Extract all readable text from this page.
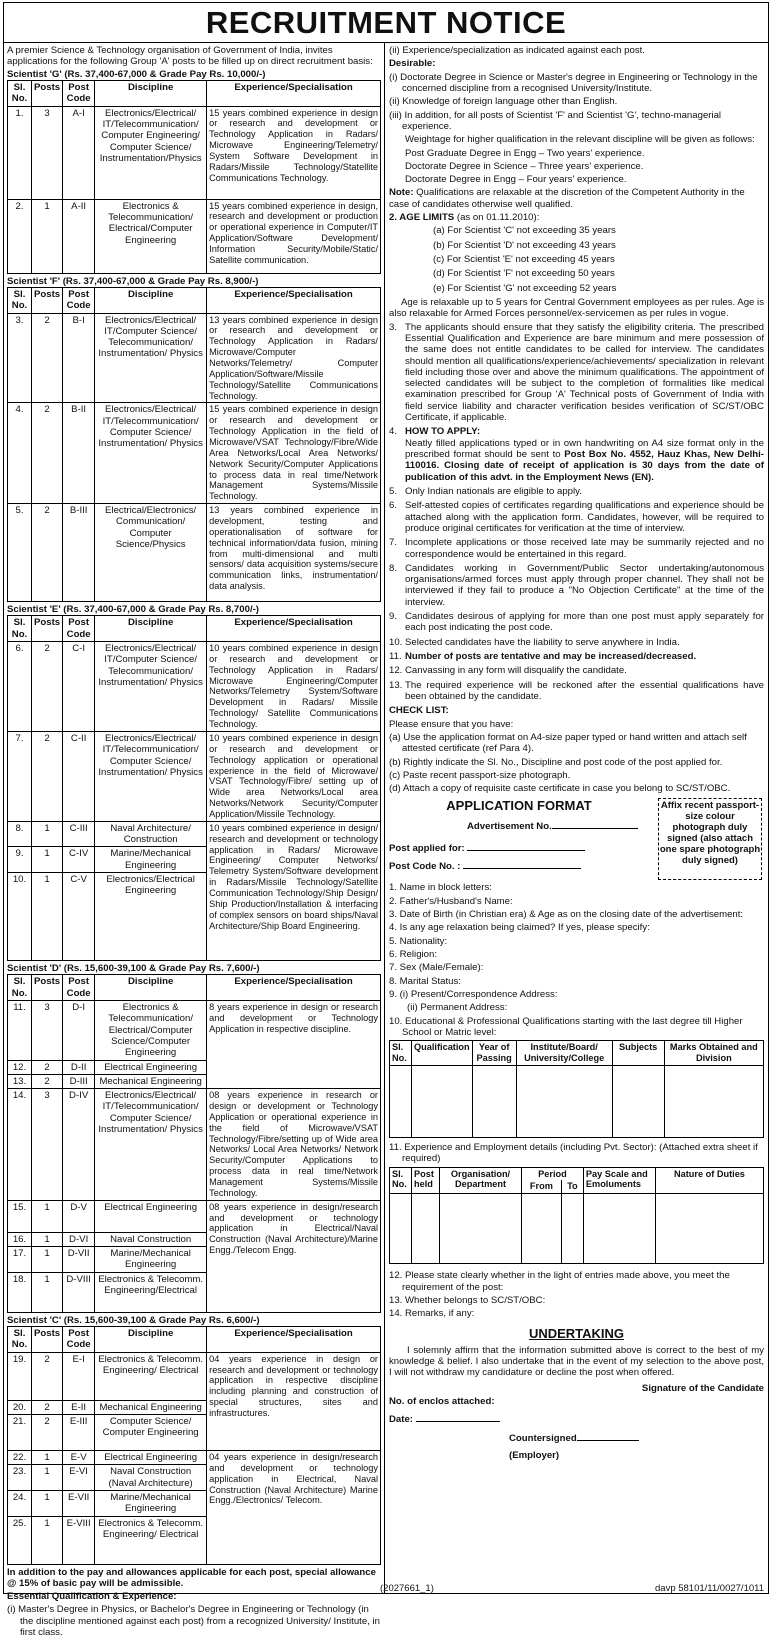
RECRUITMENT NOTICE
A premier Science & Technology organisation of Government of India, invites applications for the following Group 'A' posts to be filled up on direct recruitment basis:
Scientist 'G' (Rs. 37,400-67,000 & Grade Pay Rs. 10,000/-)
Sl. No.	Posts	Post Code	Discipline	Experience/Specialisation
1.	3	A-I	Electronics/Electrical/ IT/Telecommunication/ Computer Engineering/ Computer Science/ Instrumentation/Physics	15 years combined experience in design or research and development or Technology Application in Radars/ Microwave Engineering/Telemetry/ System Software Development in Radars/Missile Technology/Statellite Communications Technology.
2.	1	A-II	Electronics & Telecommunication/ Electrical/Computer Engineering	15 years combined experience in design, research and development or production or operational experience in Computer/IT Application/Software Development/ Information Security/Mobile/Static/ Satellite communication.
Scientist 'F' (Rs. 37,400-67,000 & Grade Pay Rs. 8,900/-)
Sl. No.	Posts	Post Code	Discipline	Experience/Specialisation
3.	2	B-I	Electronics/Electrical/ IT/Computer Science/ Telecommunication/ Instrumentation/ Physics	13 years combined experience in design or research and development or Technology Application in Radars/ Microwave/Computer Networks/Telemetry/ Computer Application/Software/Missile Technology/Satellite Communications Technology.
4.	2	B-II	Electronics/Electrical/ IT/Telecommunication/ Computer Science/ Instrumentation/ Physics	15 years combined experience in design or research and development or Technology Application in the field of Microwave/VSAT Technology/Fibre/Wide Area Networks/Local Area Networks/ Network Security/Computer Applications to process data in real time/Network Management Systems/Missile Technology.
5.	2	B-III	Electrical/Electronics/ Communication/ Computer Science/Physics	13 years combined experience in development, testing and operationalisation of software for technical information/data fusion, mining from multi-dimensional and multi sensors/ data acquisition systems/secure communication links, instrumentation/ data analysis.
Scientist 'E' (Rs. 37,400-67,000 & Grade Pay Rs. 8,700/-)
Sl. No.	Posts	Post Code	Discipline	Experience/Specialisation
6.	2	C-I	Electronics/Electrical/ IT/Computer Science/ Telecommunication/ Instrumentation/ Physics	10 years combined experience in design or research and development or Technology Application in Radars/ Microwave Engineering/Computer Networks/Telemetry System/Software Development in Radars/ Missile Technology/ Satellite Communications Technology.
7.	2	C-II	Electronics/Electrical/ IT/Telecommunication/ Computer Science/ Instrumentation/ Physics	10 years combined experience in design or research and development or Technology application or operational experience in the field of Microwave/ VSAT Technology/Fibre/ setting up of Wide area Networks/Local area Networks/Network Security/Computer Application/Missile Technology.
8.	1	C-III	Naval Architecture/ Construction	10 years combined experience in design/ research and development or technology application in Radars/ Microwave Engineering/ Computer Networks/ Telemetry System/Software development in Radars/Missile Technology/Satellite Communication Technology/Ship Design/ Ship Production/Installation & interfacing of complex sensors on board ships/Naval Architecture/Ship Board Engineering.
9.	1	C-IV	Marine/Mechanical Engineering	
10.	1	C-V	Electronics/Electrical Engineering	
Scientist 'D' (Rs. 15,600-39,100 & Grade Pay Rs. 7,600/-)
Sl. No.	Posts	Post Code	Discipline	Experience/Specialisation
11.	3	D-I	Electronics & Telecommunication/ Electrical/Computer Science/Computer Engineering	8 years experience in design or research and development or Technology Application in respective discipline.
12.	2	D-II	Electrical Engineering	
13.	2	D-III	Mechanical Engineering	
14.	3	D-IV	Electronics/Electrical/ IT/Telecommunication/ Computer Science/ Instrumentation/ Physics	08 years experience in research or design or development or Technology Application or operational experience in the field of Microwave/VSAT Technology/Fibre/setting up of Wide area Networks/ Local Area Networks/ Network Security/Computer Applications to process data in real time/Network Management Systems/Missile Technology.
15.	1	D-V	Electrical Engineering	08 years experience in design/research and development or technology application in Electrical/Naval Construction (Naval Architecture)/Marine Engg./Telecom Engg.
16.	1	D-VI	Naval Construction	
17.	1	D-VII	Marine/Mechanical Engineering	
18.	1	D-VIII	Electronics & Telecomm. Engineering/Electrical	
Scientist 'C' (Rs. 15,600-39,100 & Grade Pay Rs. 6,600/-)
Sl. No.	Posts	Post Code	Discipline	Experience/Specialisation
19.	2	E-I	Electronics & Telecomm. Engineering/ Electrical	04 years experience in design or research and development or technology application in respective discipline including planning and construction of special structures, sites and infrastructures.
20.	2	E-II	Mechanical Engineering	
21.	2	E-III	Computer Science/ Computer Engineering	
22.	1	E-V	Electrical Engineering	04 years experience in design/research and development or technology application in Electrical, Naval Construction (Naval Architecture) Marine Engg./Electronics/ Telecom.
23.	1	E-VI	Naval Construction (Naval Architecture)	
24.	1	E-VII	Marine/Mechanical Engineering	
25.	1	E-VIII	Electronics & Telecomm. Engineering/ Electrical	

In addition to the pay and allowances applicable for each post, special allowance @ 15% of basic pay will be admissible.

Essential Qualification & Experience:

(i) Master's Degree in Physics, or Bachelor's Degree in Engineering or Technology (in the discipline mentioned against each post) from a recognized University/ Institute, in first class.

(ii) Experience/specialization as indicated against each post.

Desirable:

(i) Doctorate Degree in Science or Master's degree in Engineering or Technology in the concerned discipline from a recognised University/Institute.

(ii) Knowledge of foreign language other than English.

(iii) In addition, for all posts of Scientist 'F' and Scientist 'G', techno-managerial experience.

Weightage for higher qualification in the relevant discipline will be given as follows:

Post Graduate Degree in Engg – Two years' experience.

Doctorate Degree in Science – Three years' experience.

Doctorate Degree in Engg – Four years' experience.

Note: Qualifications are relaxable at the discretion of the Competent Authority in the case of candidates otherwise well qualified.

2. AGE LIMITS (as on 01.11.2010):

(a) For Scientist 'C' not exceeding 35 years
(b) For Scientist 'D' not exceeding 43 years
(c) For Scientist 'E' not exceeding 45 years
(d) For Scientist 'F' not exceeding 50 years
(e) For Scientist 'G' not exceeding 52 years

Age is relaxable up to 5 years for Central Government employees as per rules. Age is also relaxable for Armed Forces personnel/ex-servicemen as per rules in vogue.

3. The applicants should ensure that they satisfy the eligibility criteria. The prescribed Essential Qualification and Experience are bare minimum and mere possession of the same does not entitle candidates to be called for interview. The candidates should mention all qualifications/experience/achievements/ specialization in relevant field including those over and above the minimum qualifications. The appointment of selected candidates will be subject to the completion of formalities like medical examination prescribed for Group 'A' Technical posts of Government of India with field service liability and character verification besides verification of SC/ST/OBC Certificate, if applicable.
4. HOW TO APPLY:
Neatly filled applications typed or in own handwriting on A4 size format only in the prescribed format should be sent to Post Box No. 4552, Hauz Khas, New Delhi-110016. Closing date of receipt of application is 30 days from the date of publication of this advt. in the Employment News (EN).
5. Only Indian nationals are eligible to apply.
6. Self-attested copies of certificates regarding qualifications and experience should be attached along with the application form. Candidates, however, will be required to produce original certificates for verification at the time of interview.
7. Incomplete applications or those received late may be summarily rejected and no correspondence would be entertained in this regard.
8. Candidates working in Government/Public Sector undertaking/autonomous organisations/armed forces must apply through proper channel. They shall not be interviewed if they fail to produce a "No Objection Certificate" at the time of the interview.
9. Candidates desirous of applying for more than one post must apply separately for each post indicating the post code.
10. Selected candidates have the liability to serve anywhere in India.
11. Number of posts are tentative and may be increased/decreased.
12. Canvassing in any form will disqualify the candidate.
13. The required experience will be reckoned after the essential qualifications have been obtained by the candidate.

CHECK LIST:

Please ensure that you have:

(a) Use the application format on A4-size paper typed or hand written and attach self attested certificate (ref Para 4).

(b) Rightly indicate the Sl. No., Discipline and post code of the post applied for.

(c) Paste recent passport-size photograph.

(d) Attach a copy of requisite caste certificate in case you belong to SC/ST/OBC.

APPLICATION FORMAT
Advertisement No.
Post applied for:
Post Code No. :
Affix recent passport-size colour photograph duly signed (also attach one spare photograph duly signed)

1. Name in block letters:

2. Father's/Husband's Name:

3. Date of Birth (in Christian era) & Age as on the closing date of the advertisement:

4. Is any age relaxation being claimed? If yes, please specify:

5. Nationality:

6. Religion:

7. Sex (Male/Female):

8. Marital Status:

9. (i) Present/Correspondence Address:

(ii) Permanent Address:

10. Educational & Professional Qualifications starting with the last degree till Higher School or Matric level:

Sl. No.	Qualification	Year of Passing	Institute/Board/ University/College	Subjects	Marks Obtained and Division

11. Experience and Employment details (including Pvt. Sector): (Attached extra sheet if required)

Sl. No.	Post held	Organisation/ Department	Period		Pay Scale and Emoluments	Nature of Duties
			From	To		

12. Please state clearly whether in the light of entries made above, you meet the requirement of the post:

13. Whether belongs to SC/ST/OBC:

14. Remarks, if any:

UNDERTAKING

I solemnly affirm that the information submitted above is correct to the best of my knowledge & belief. I also undertake that in the event of my selection to the above post, I will not withdraw my candidature or decline the post when offered.

Signature of the Candidate

No. of enclos attached:

Date:

Countersigned

(Employer)

(2027661_1)	davp 58101/11/0027/1011
